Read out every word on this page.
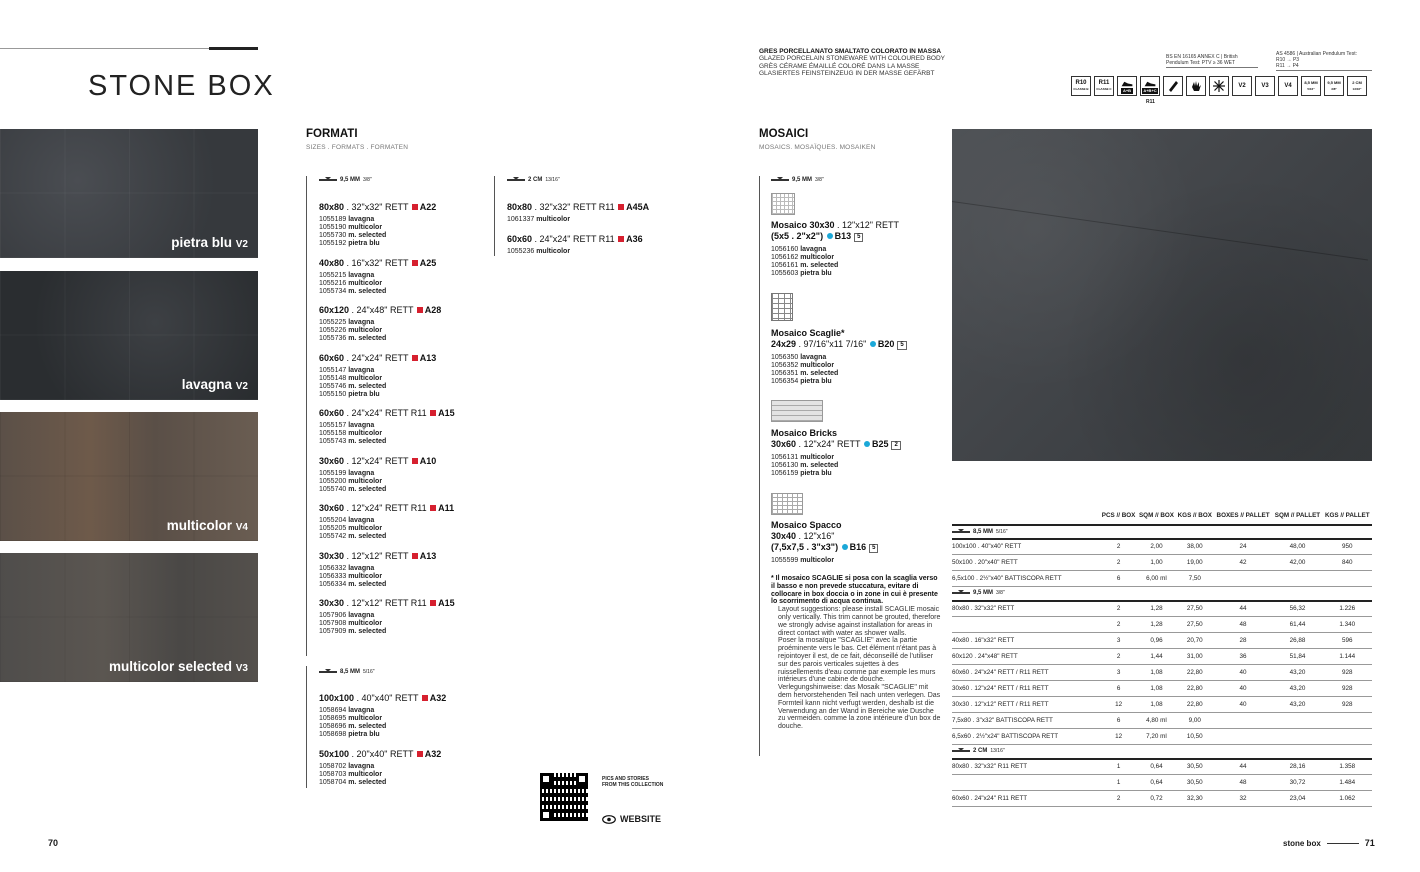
STONE BOX
pietra blu V2
lavagna V2
multicolor V4
multicolor selected V3
FORMATI
SIZES . FORMATS . FORMATEN
9,5 MM 3/8"	2 CM 13/16"
8,5 MM 5/16"
80x80 . 32"x32" RETT A22
1055189 lavagna
1055190 multicolor
1055730 m. selected
1055192 pietra blu
40x80 . 16"x32" RETT A25
1055215 lavagna
1055216 multicolor
1055734 m. selected
60x120 . 24"x48" RETT A28
1055225 lavagna
1055226 multicolor
1055736 m. selected
60x60 . 24"x24" RETT A13
1055147 lavagna
1055148 multicolor
1055746 m. selected
1055150 pietra blu
60x60 . 24"x24" RETT R11 A15
1055157 lavagna
1055158 multicolor
1055743 m. selected
30x60 . 12"x24" RETT A10
1055199 lavagna
1055200 multicolor
1055740 m. selected
30x60 . 12"x24" RETT R11 A11
1055204 lavagna
1055205 multicolor
1055742 m. selected
30x30 . 12"x12" RETT A13
1056332 lavagna
1056333 multicolor
1056334 m. selected
30x30 . 12"x12" RETT R11 A15
1057906 lavagna
1057908 multicolor
1057909 m. selected
100x100 . 40"x40" RETT A32
1058694 lavagna
1058695 multicolor
1058696 m. selected
1058698 pietra blu
50x100 . 20"x40" RETT A32
1058702 lavagna
1058703 multicolor
1058704 m. selected
80x80 . 32"x32" RETT R11 A45A
1061337 multicolor
60x60 . 24"x24" RETT R11 A36
1055236 multicolor
MOSAICI
MOSAICS. MOSAÏQUES. MOSAIKEN
9,5 MM 3/8"
Mosaico 30x30 . 12"x12" RETT
(5x5 . 2"x2") B13 5
1056160 lavagna
1056162 multicolor
1056161 m. selected
1055603 pietra blu
Mosaico Scaglie*
24x29 . 97/16"x11 7/16" B20 5
1056350 lavagna
1056352 multicolor
1056351 m. selected
1056354 pietra blu
Mosaico Bricks
30x60 . 12"x24" RETT B25 2
1056131 multicolor
1056130 m. selected
1056159 pietra blu
Mosaico Spacco
30x40 . 12"x16"
(7,5x7,5 . 3"x3") B16 5
1055599 multicolor
* Il mosaico SCAGLIE si posa con la scaglia verso il basso e non prevede stuccatura, evitare di collocare in box doccia o in zone in cui è presente lo scorrimento di acqua continua.
Layout suggestions: please install SCAGLIE mosaic only vertically. This trim cannot be grouted, therefore we strongly advise against installation for areas in direct contact with water as shower walls.
Poser la mosaïque "SCAGLIE" avec la partie proéminente vers le bas. Cet élément n'étant pas à rejointoyer il est, de ce fait, déconseillé de l'utiliser sur des parois verticales sujettes à des ruissellements d'eau comme par exemple les murs intérieurs d'une cabine de douche.
Verlegungshinweise: das Mosaik "SCAGLIE" mit dem hervorstehenden Teil nach unten verlegen. Das Formteil kann nicht verfugt werden, deshalb ist die Verwendung an der Wand in Bereiche wie Dusche zu vermeiden. comme la zone intérieure d'un box de douche.
PICS AND STORIES
FROM THIS COLLECTION
WEBSITE
GRES PORCELLANATO SMALTATO COLORATO IN MASSA
GLAZED PORCELAIN STONEWARE WITH COLOURED BODY
GRÈS CÉRAME ÉMAILLÉ COLORÉ DANS LA MASSE
GLASIERTES FEINSTEINZEUG IN DER MASSE GEFÄRBT
BS EN 16165 ANNEX C | British
Pendulum Test: PTV ≥ 36 WET
AS 4586 | Australian Pendulum Test:
R10 → P3
R11 → P4
R10
CLASSE B
R11
CLASSE C	A+B	A+B+C
V2	V3	V4
8,5 MM
5/16"
9,5 MM
3/8"
2 CM
13/16"
R11
	PCS // BOX	SQM // BOX	KGS // BOX	BOXES // PALLET	SQM // PALLET	KGS // PALLET

8,5 MM 5/16"						

100x100 . 40"x40" RETT	2	2,00	38,00	24	48,00	950
50x100 . 20"x40" RETT	2	1,00	19,00	42	42,00	840
6,5x100 . 2½"x40" BATTISCOPA RETT	6	6,00 ml	7,50			

9,5 MM 3/8"						

80x80 . 32"x32" RETT	2	1,28	27,50	44	56,32	1.226
	2	1,28	27,50	48	61,44	1.340
40x80 . 16"x32" RETT	3	0,96	20,70	28	26,88	596
60x120 . 24"x48" RETT	2	1,44	31,00	36	51,84	1.144
60x60 . 24"x24" RETT / R11 RETT	3	1,08	22,80	40	43,20	928
30x60 . 12"x24" RETT / R11 RETT	6	1,08	22,80	40	43,20	928
30x30 . 12"x12" RETT / R11 RETT	12	1,08	22,80	40	43,20	928
7,5x80 . 3"x32" BATTISCOPA RETT	6	4,80 ml	9,00			
6,5x60 . 2½"x24" BATTISCOPA RETT	12	7,20 ml	10,50			

2 CM 13/16"						

80x80 . 32"x32" R11 RETT	1	0,64	30,50	44	28,16	1.358
	1	0,64	30,50	48	30,72	1.484
60x60 . 24"x24" R11 RETT	2	0,72	32,30	32	23,04	1.062
70	stone box	71
